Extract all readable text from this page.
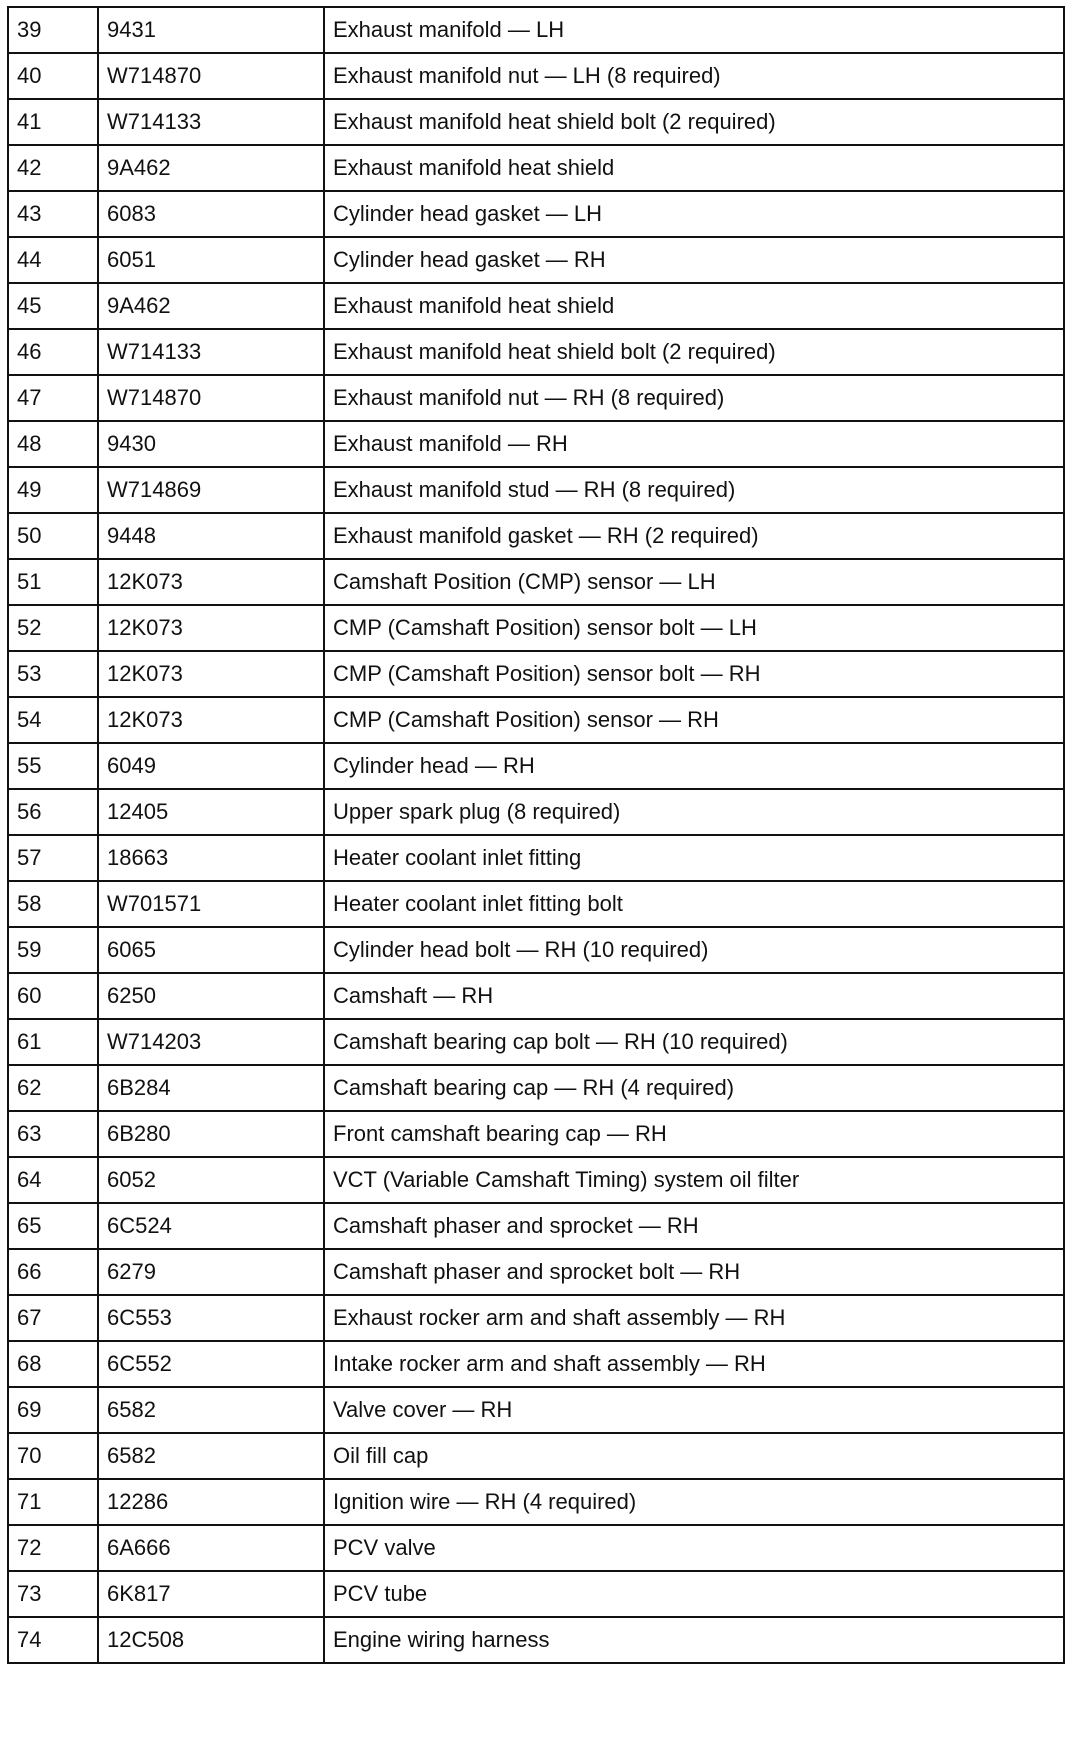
39	9431	Exhaust manifold — LH
40	W714870	Exhaust manifold nut — LH (8 required)
41	W714133	Exhaust manifold heat shield bolt (2 required)
42	9A462	Exhaust manifold heat shield
43	6083	Cylinder head gasket — LH
44	6051	Cylinder head gasket — RH
45	9A462	Exhaust manifold heat shield
46	W714133	Exhaust manifold heat shield bolt (2 required)
47	W714870	Exhaust manifold nut — RH (8 required)
48	9430	Exhaust manifold — RH
49	W714869	Exhaust manifold stud — RH (8 required)
50	9448	Exhaust manifold gasket — RH (2 required)
51	12K073	Camshaft Position (CMP) sensor — LH
52	12K073	CMP (Camshaft Position) sensor bolt — LH
53	12K073	CMP (Camshaft Position) sensor bolt — RH
54	12K073	CMP (Camshaft Position) sensor — RH
55	6049	Cylinder head — RH
56	12405	Upper spark plug (8 required)
57	18663	Heater coolant inlet fitting
58	W701571	Heater coolant inlet fitting bolt
59	6065	Cylinder head bolt — RH (10 required)
60	6250	Camshaft — RH
61	W714203	Camshaft bearing cap bolt — RH (10 required)
62	6B284	Camshaft bearing cap — RH (4 required)
63	6B280	Front camshaft bearing cap — RH
64	6052	VCT (Variable Camshaft Timing) system oil filter
65	6C524	Camshaft phaser and sprocket — RH
66	6279	Camshaft phaser and sprocket bolt — RH
67	6C553	Exhaust rocker arm and shaft assembly — RH
68	6C552	Intake rocker arm and shaft assembly — RH
69	6582	Valve cover — RH
70	6582	Oil fill cap
71	12286	Ignition wire — RH (4 required)
72	6A666	PCV valve
73	6K817	PCV tube
74	12C508	Engine wiring harness
